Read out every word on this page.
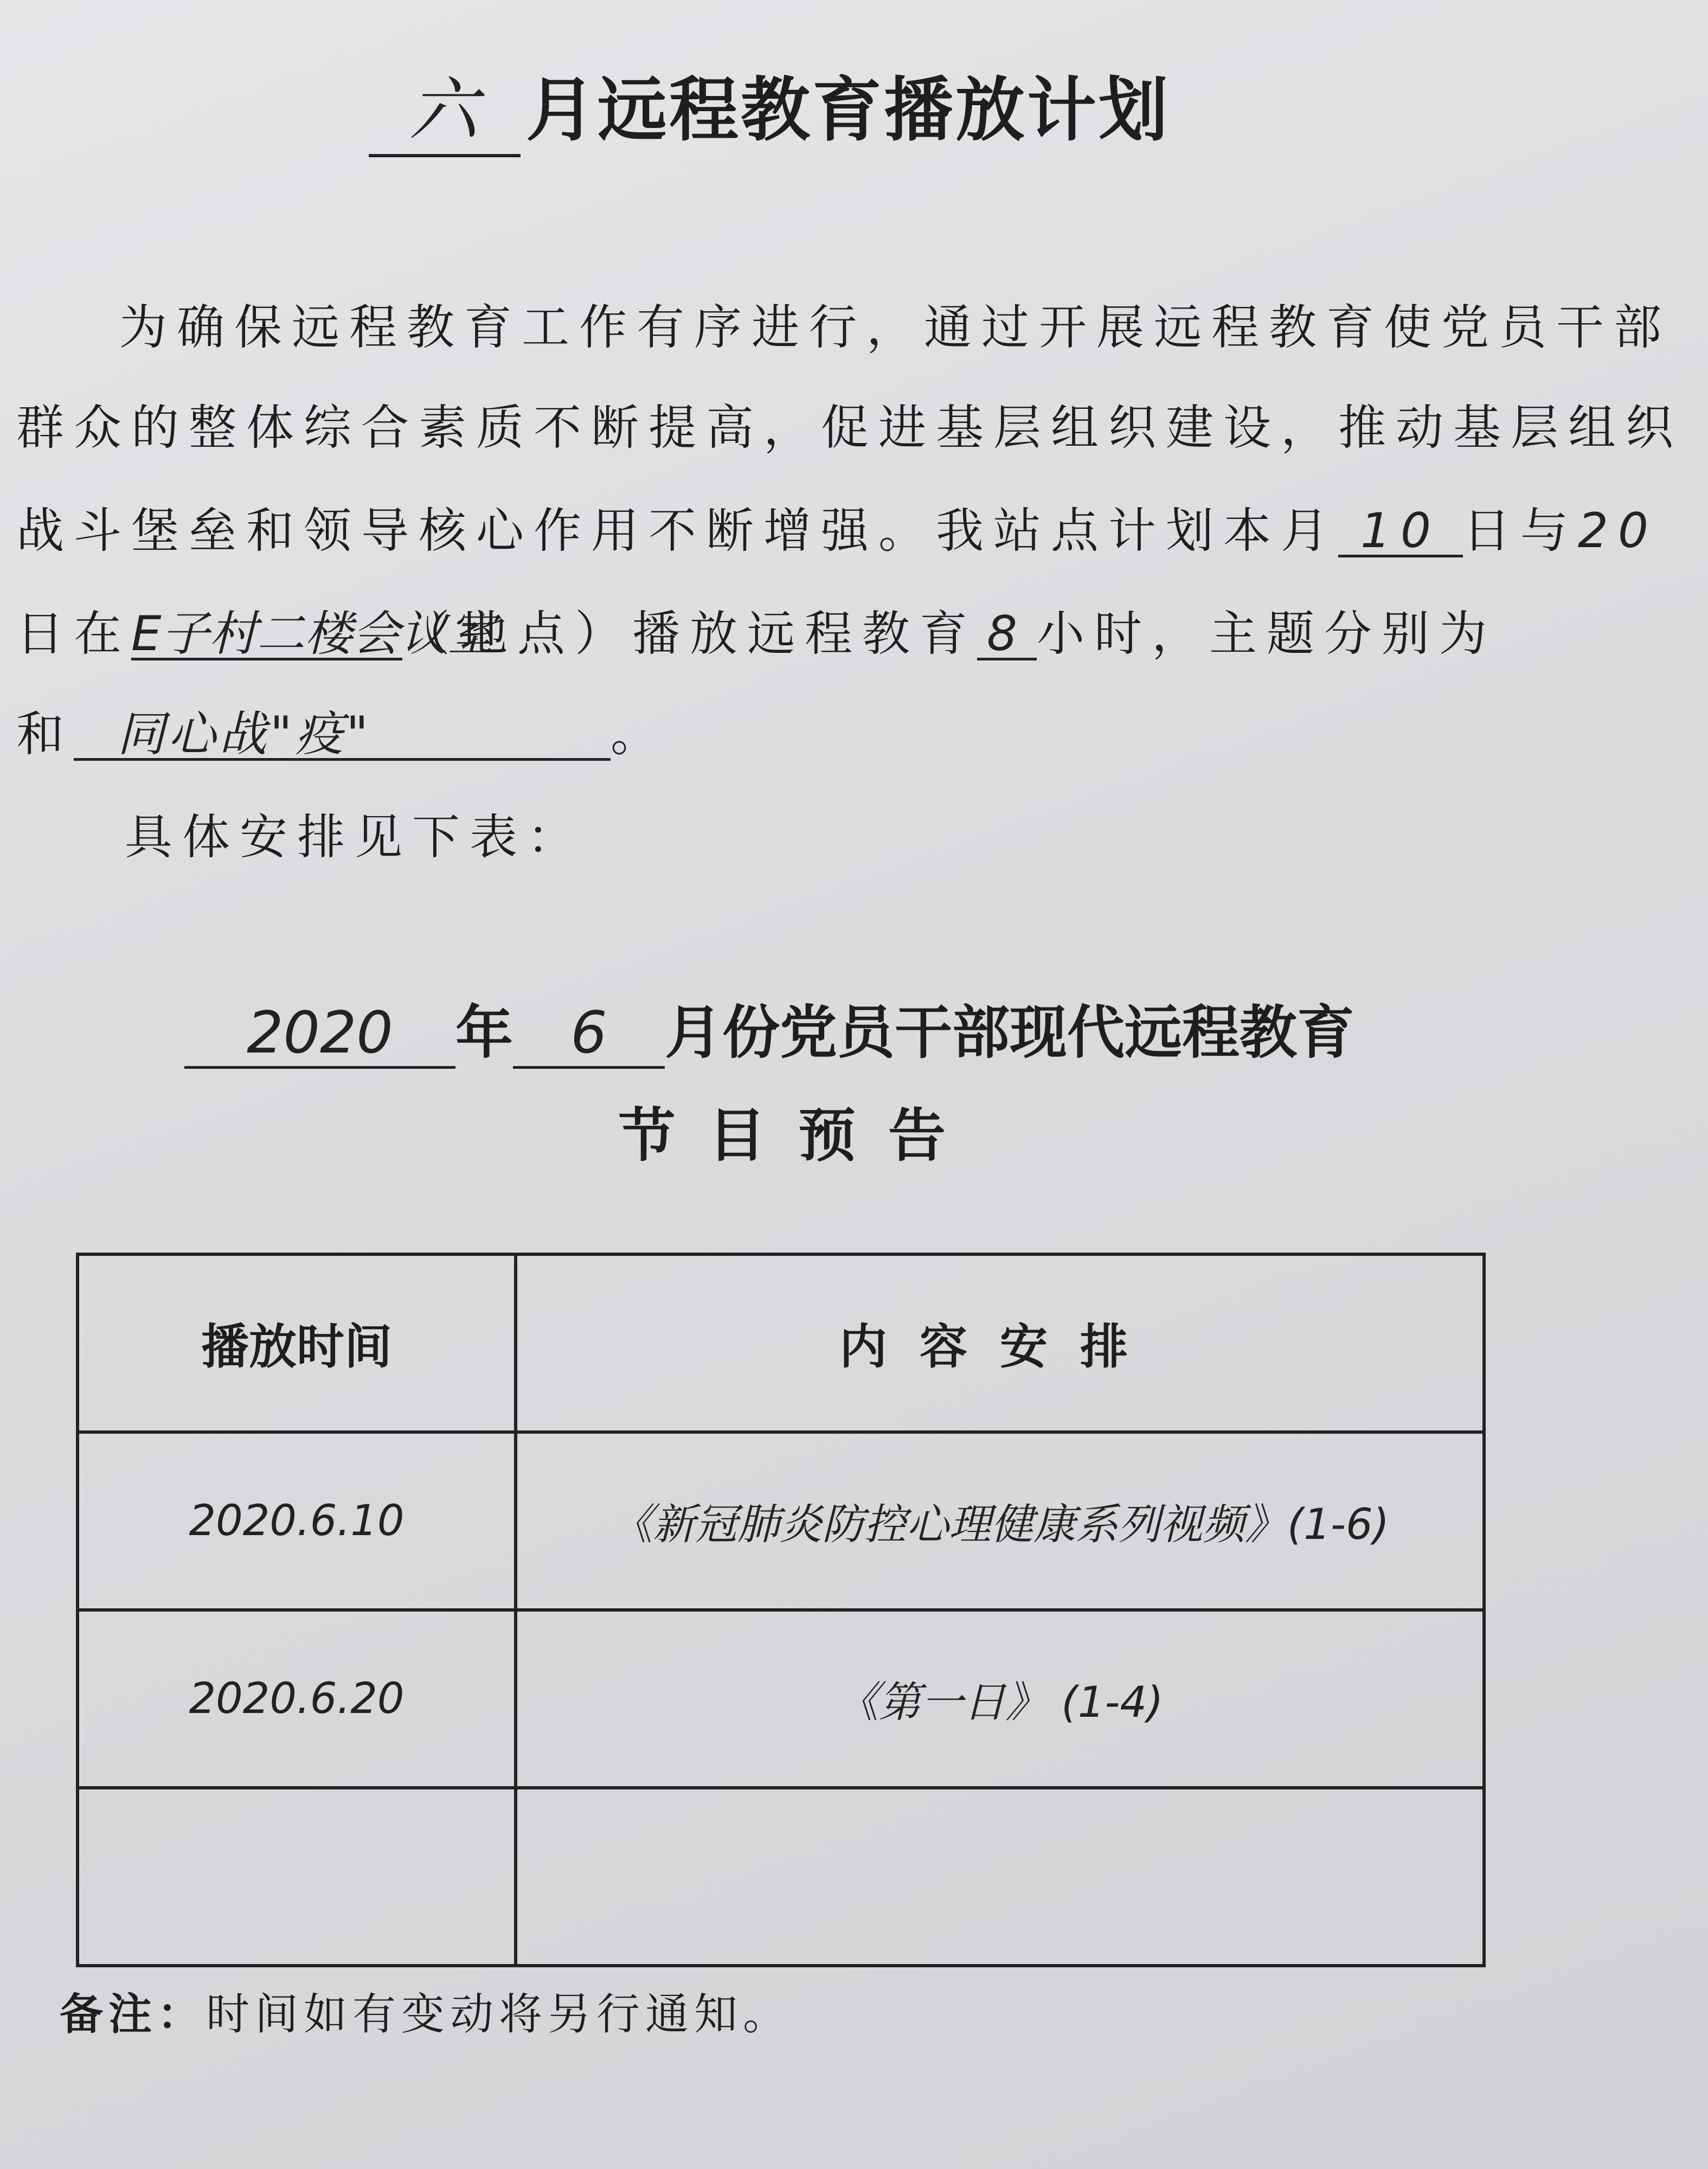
六 月远程教育播放计划
为确保远程教育工作有序进行，通过开展远程教育使党员干部
群众的整体综合素质不断提高，促进基层组织建设，推动基层组织
战斗堡垒和领导核心作用不断增强。我站点计划本月 10 日与20
日在E子村二楼会议室（地点）播放远程教育 8 小时，主题分别为
和 同心战"疫"	。
具体安排见下表：
2020 年 6 月份党员干部现代远程教育
节目预告
播放时间	内容安排
2020.6.10	《新冠肺炎防控心理健康系列视频》(1-6)
2020.6.20	《第一日》 (1-4)

备注：时间如有变动将另行通知。
